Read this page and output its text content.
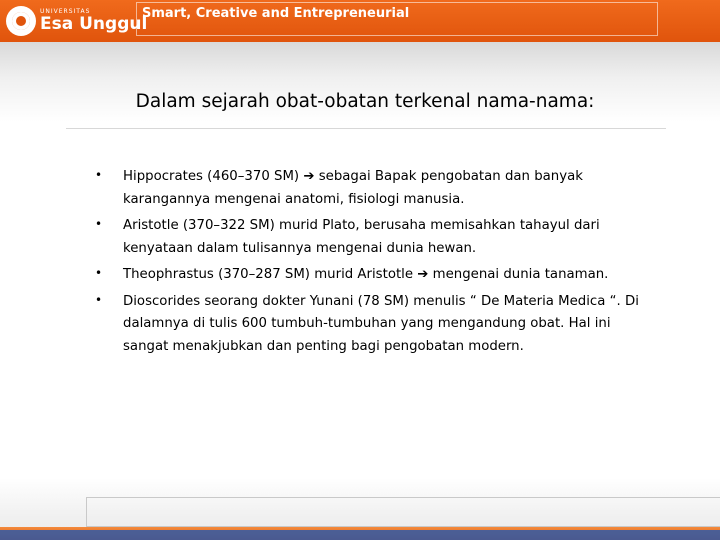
UNIVERSITAS
Esa Unggul
Smart, Creative and Entrepreneurial
Dalam sejarah obat-obatan terkenal nama-nama:
• Hippocrates (460–370 SM) ➔ sebagai Bapak pengobatan dan banyak karangannya mengenai anatomi, fisiologi manusia.
• Aristotle (370–322 SM) murid Plato, berusaha memisahkan tahayul dari kenyataan dalam tulisannya mengenai dunia hewan.
• Theophrastus (370–287 SM) murid Aristotle ➔ mengenai dunia tanaman.
• Dioscorides seorang dokter Yunani (78 SM) menulis “ De Materia Medica “. Di dalamnya di tulis 600 tumbuh-tumbuhan yang mengandung obat. Hal ini sangat menakjubkan dan penting bagi pengobatan modern.
